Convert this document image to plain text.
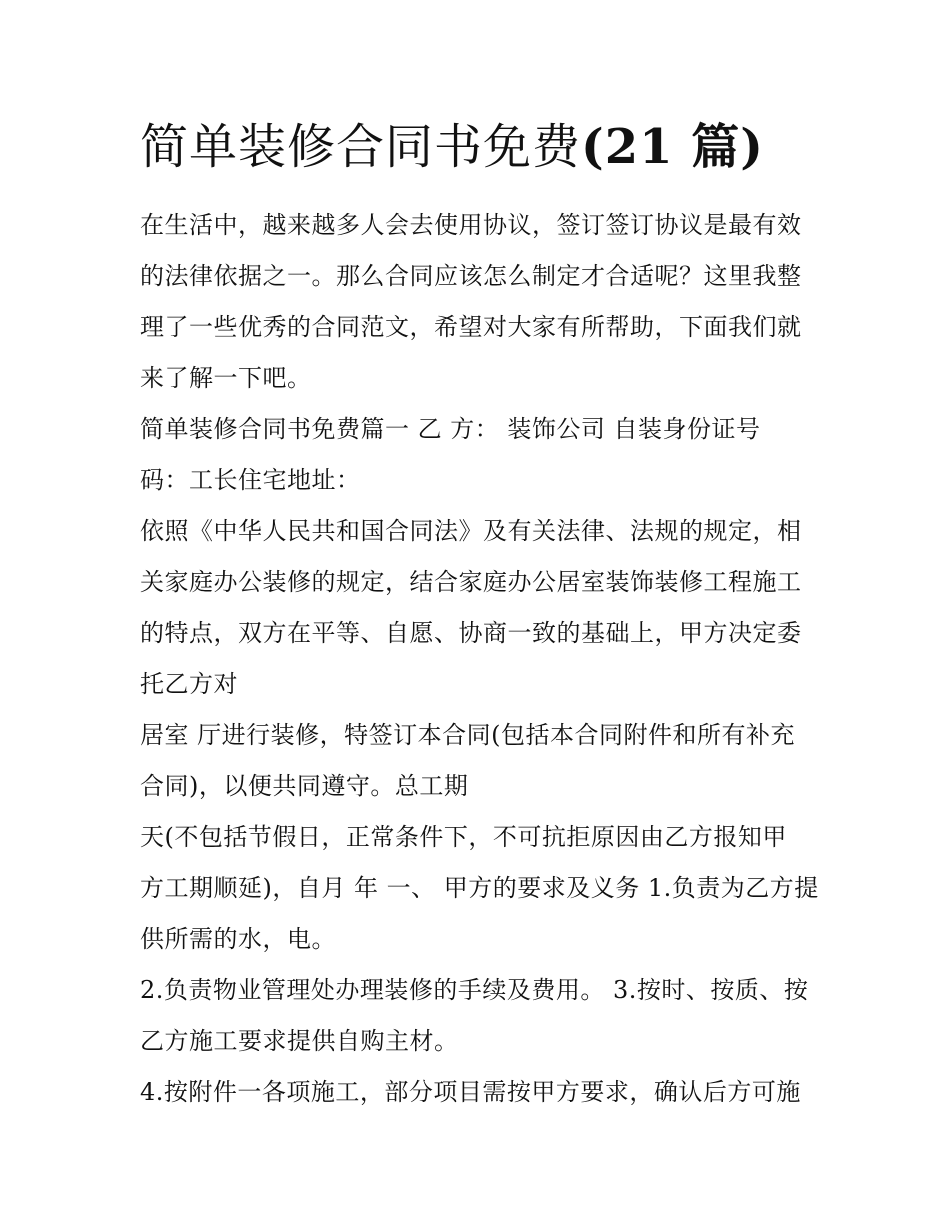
简单装修合同书免费(21 篇)
在生活中，越来越多人会去使用协议，签订签订协议是最有效
的法律依据之一。那么合同应该怎么制定才合适呢？这里我整
理了一些优秀的合同范文，希望对大家有所帮助，下面我们就
来了解一下吧。
简单装修合同书免费篇一 乙 方： 装饰公司 自装身份证号
码：工长住宅地址：
依照《中华人民共和国合同法》及有关法律、法规的规定，相
关家庭办公装修的规定，结合家庭办公居室装饰装修工程施工
的特点，双方在平等、自愿、协商一致的基础上，甲方决定委
托乙方对
居室 厅进行装修，特签订本合同(包括本合同附件和所有补充
合同)，以便共同遵守。总工期
天(不包括节假日，正常条件下，不可抗拒原因由乙方报知甲
方工期顺延)，自月 年 一、 甲方的要求及义务 1.负责为乙方提
供所需的水，电。
2.负责物业管理处办理装修的手续及费用。 3.按时、按质、按
乙方施工要求提供自购主材。
4.按附件一各项施工，部分项目需按甲方要求，确认后方可施
